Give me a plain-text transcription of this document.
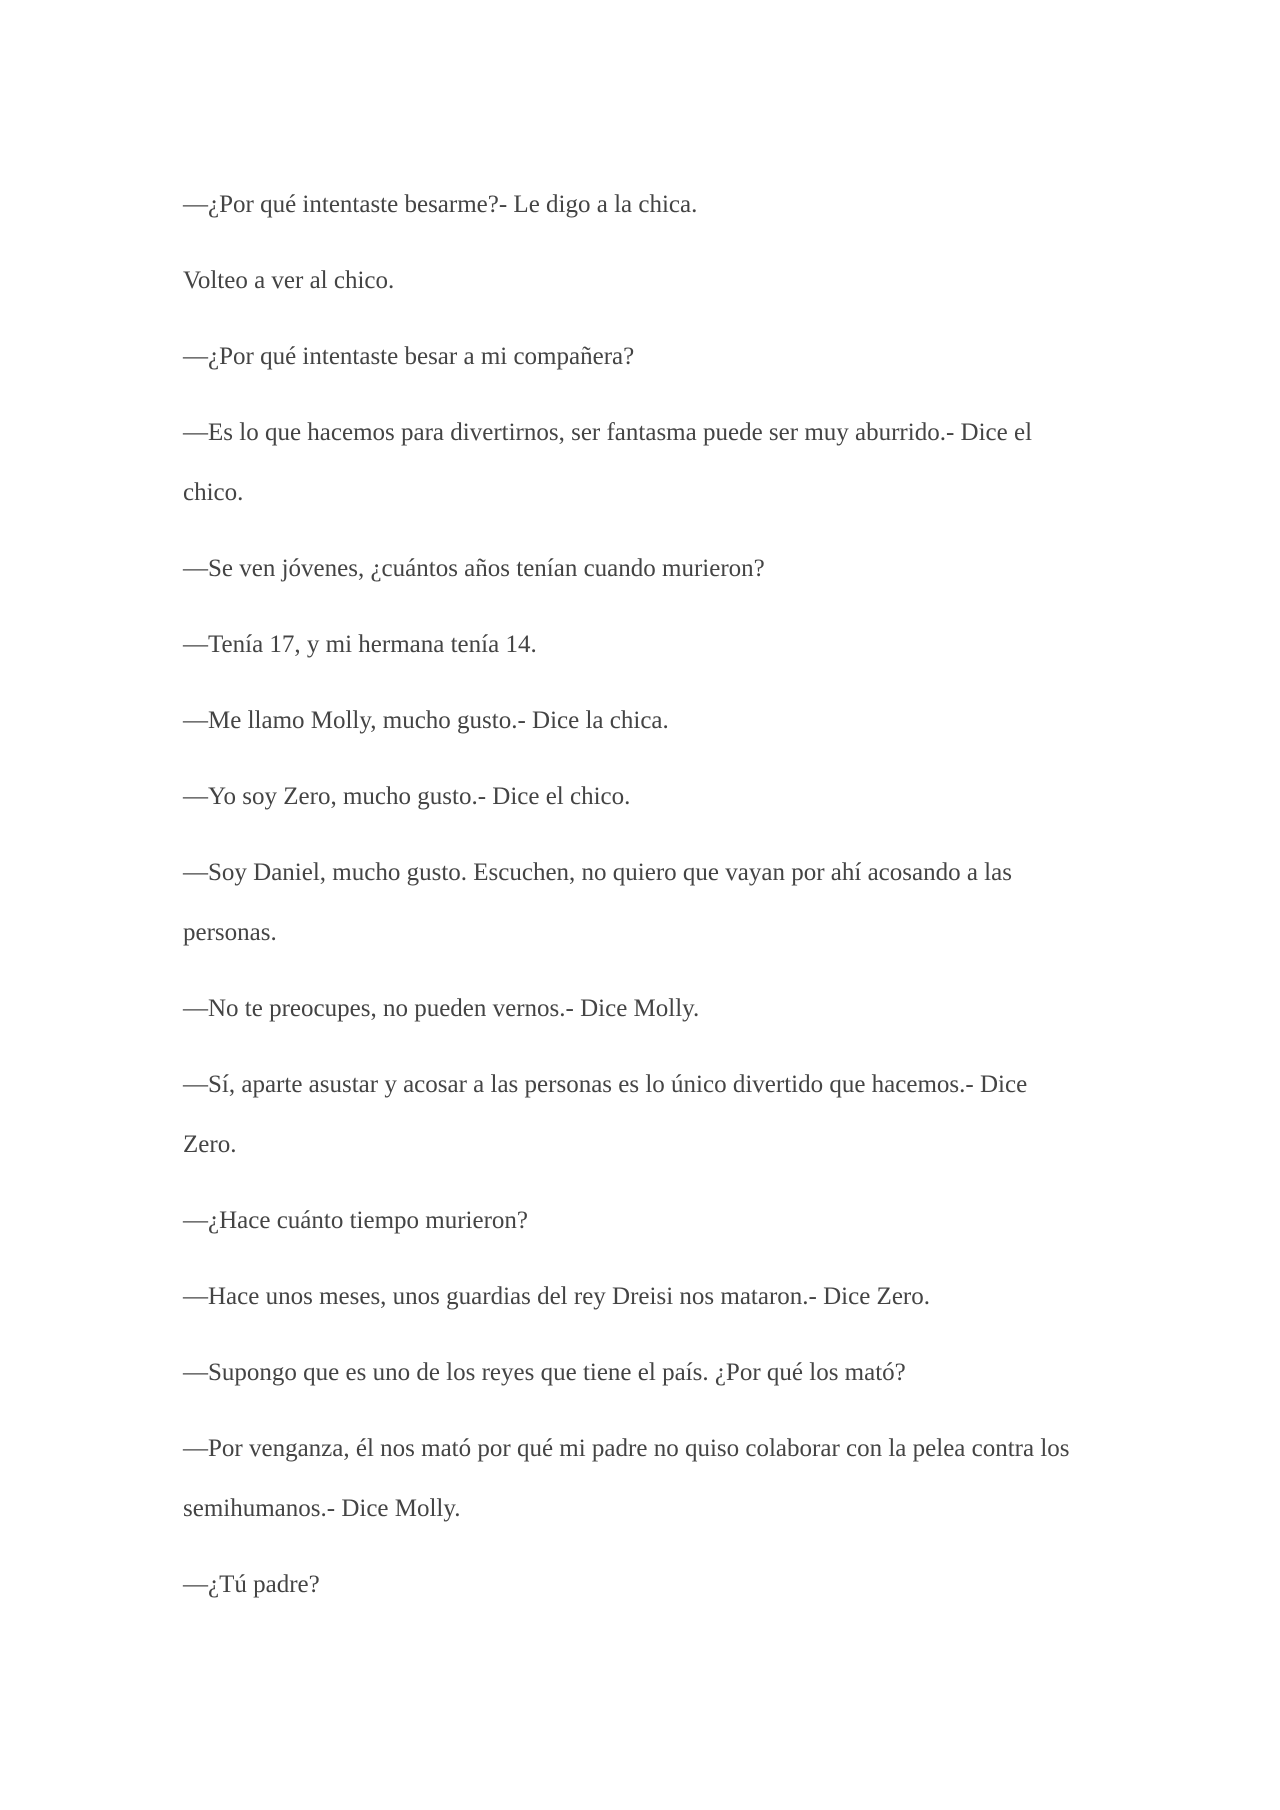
—¿Por qué intentaste besarme?- Le digo a la chica.

Volteo a ver al chico.

—¿Por qué intentaste besar a mi compañera?

—Es lo que hacemos para divertirnos, ser fantasma puede ser muy aburrido.- Dice el chico.

—Se ven jóvenes, ¿cuántos años tenían cuando murieron?

—Tenía 17, y mi hermana tenía 14.

—Me llamo Molly, mucho gusto.- Dice la chica.

—Yo soy Zero, mucho gusto.- Dice el chico.

—Soy Daniel, mucho gusto. Escuchen, no quiero que vayan por ahí acosando a las personas.

—No te preocupes, no pueden vernos.- Dice Molly.

—Sí, aparte asustar y acosar a las personas es lo único divertido que hacemos.- Dice Zero.

—¿Hace cuánto tiempo murieron?

—Hace unos meses, unos guardias del rey Dreisi nos mataron.- Dice Zero.

—Supongo que es uno de los reyes que tiene el país. ¿Por qué los mató?

—Por venganza, él nos mató por qué mi padre no quiso colaborar con la pelea contra los semihumanos.- Dice Molly.

—¿Tú padre?
